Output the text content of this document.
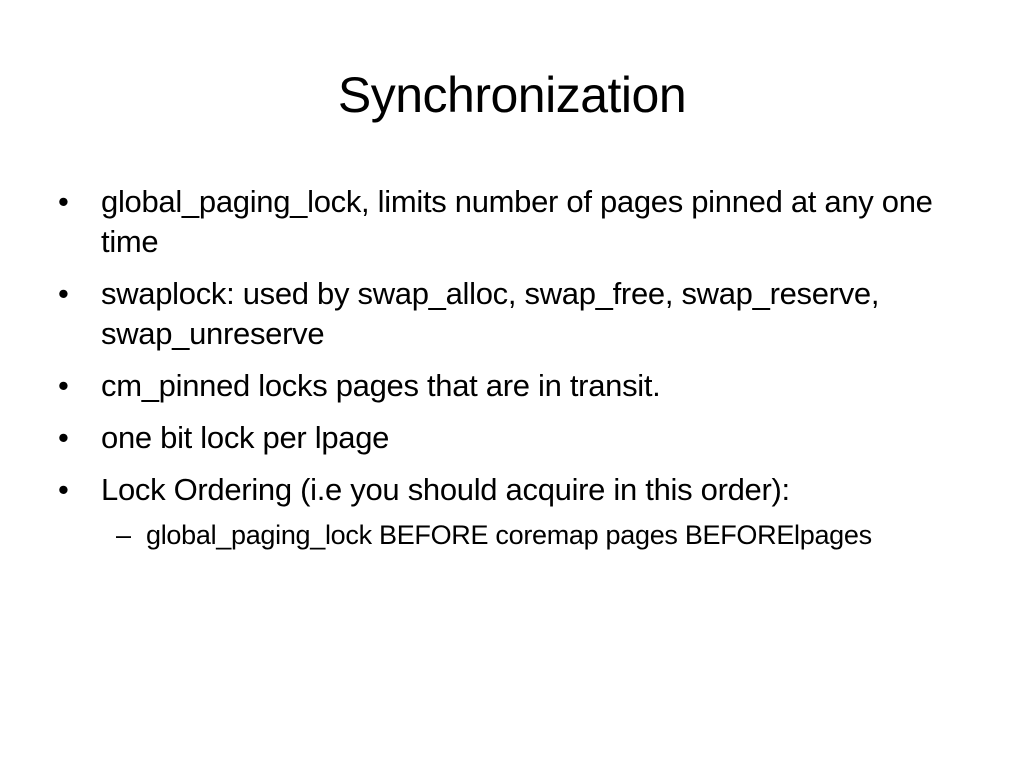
Synchronization
•	global_paging_lock, limits number of pages pinned at any one time
•	swaplock: used by swap_alloc, swap_free, swap_reserve, swap_unreserve
•	cm_pinned locks pages that are in transit.
•	one bit lock per lpage
•	Lock Ordering (i.e you should acquire in this order):
– global_paging_lock BEFORE coremap pages BEFORElpages
